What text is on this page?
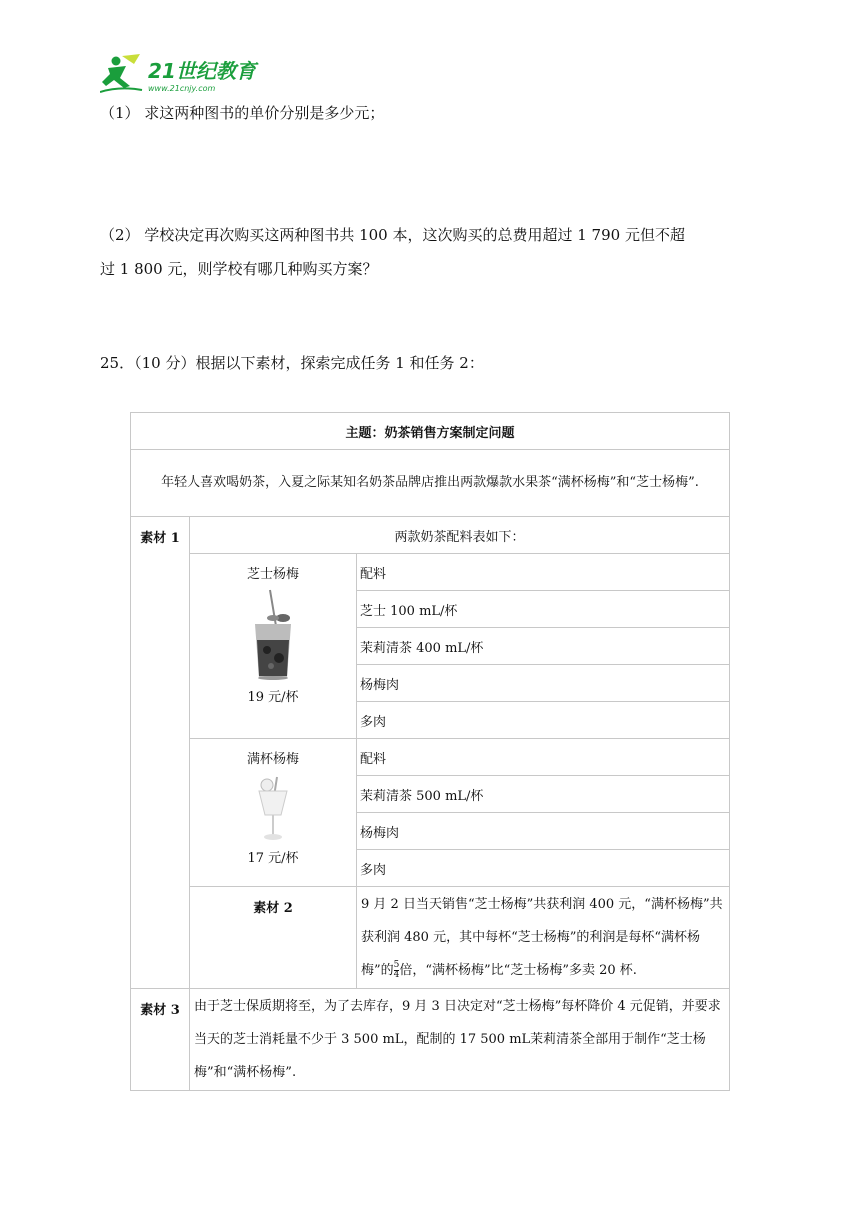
21世纪教育
www.21cnjy.com

（1） 求这两种图书的单价分别是多少元；

（2） 学校决定再次购买这两种图书共 100 本，这次购买的总费用超过 1 790 元但不超
过 1 800 元，则学校有哪几种购买方案？

25．（10 分）根据以下素材，探索完成任务 1 和任务 2：

主题：奶茶销售方案制定问题		
年轻人喜欢喝奶茶，入夏之际某知名奶茶品牌店推出两款爆款水果茶“满杯杨梅”和“芝士杨梅”.		
素材 1	两款奶茶配料表如下：	

	芝士杨梅
19 元/杯	配料
		芝士 100 mL/杯
		茉莉清茶 400 mL/杯
		杨梅肉
		多肉

	满杯杨梅
17 元/杯	配料
		茉莉清茶 500 mL/杯
		杨梅肉
		多肉
	素材 2	9 月 2 日当天销售“芝士杨梅”共获利润 400 元，“满杯杨梅”共获利润 480 元，其中每杯“芝士杨梅”的利润是每杯“满杯杨梅”的 $\frac{5}{4}$ 倍，“满杯杨梅”比“芝士杨梅”多卖 20 杯.
素材 3	由于芝士保质期将至，为了去库存，9 月 3 日决定对“芝士杨梅”每杯降价 4 元促销，并要求当天的芝士消耗量不少于 3 500 mL，配制的 17 500 mL茉莉清茶全部用于制作“芝士杨梅”和“满杯杨梅”.	
